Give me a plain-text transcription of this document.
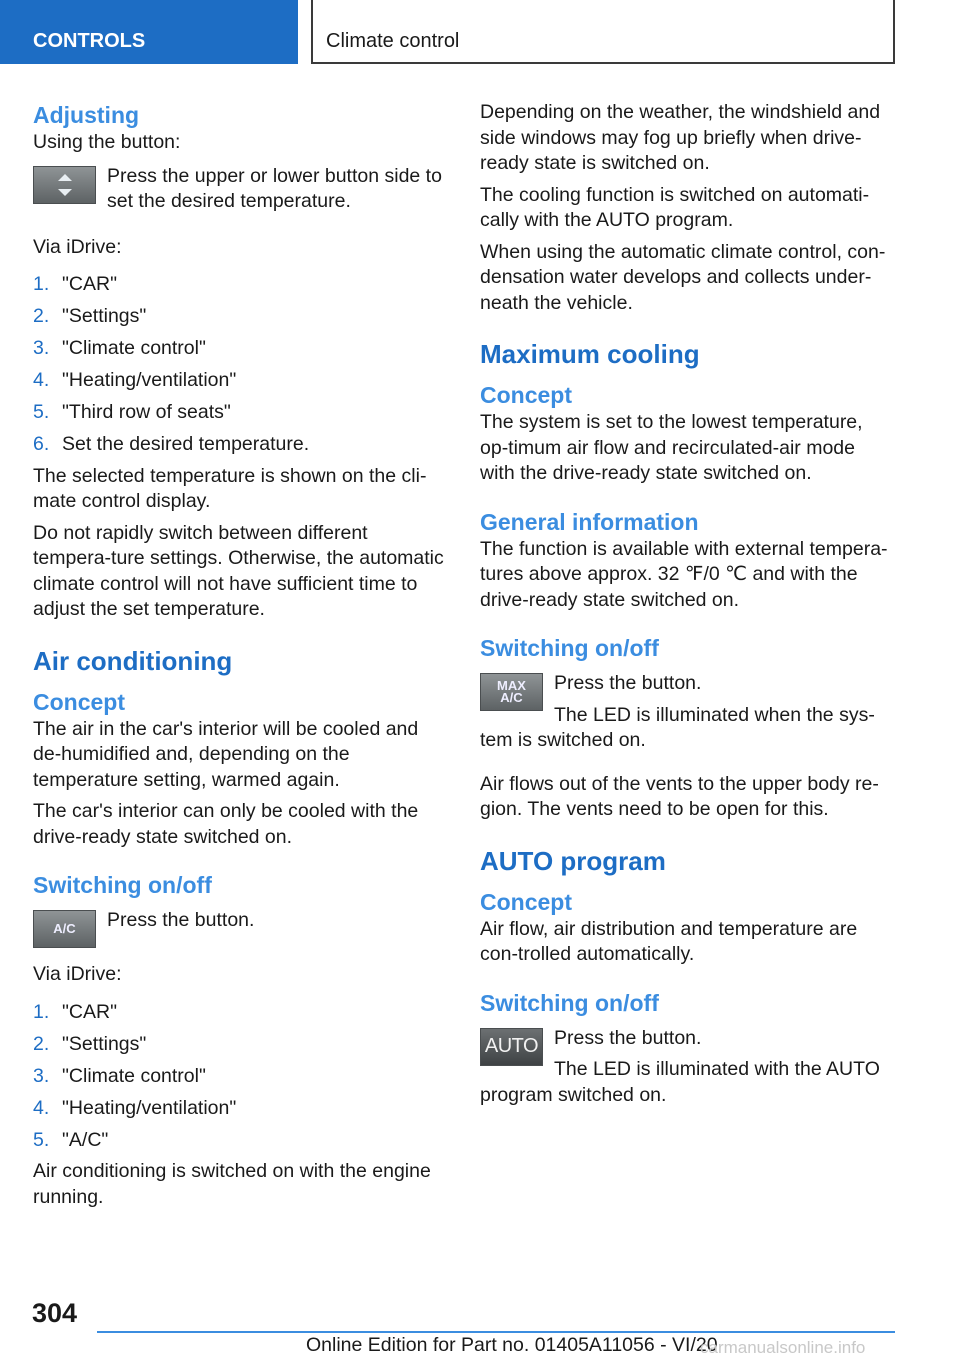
CONTROLS	Climate control
Adjusting

Using the button:

Press the upper or lower button side to set the desired temperature.

Via iDrive:

1. "CAR"
2. "Settings"
3. "Climate control"
4. "Heating/ventilation"
5. "Third row of seats"
6. Set the desired temperature.

The selected temperature is shown on the cli-mate control display.

Do not rapidly switch between different tempera-ture settings. Otherwise, the automatic climate control will not have sufficient time to adjust the set temperature.

Air conditioning
Concept

The air in the car's interior will be cooled and de-humidified and, depending on the temperature setting, warmed again.

The car's interior can only be cooled with the drive-ready state switched on.

Switching on/off
A/C Press the button.

Via iDrive:

1. "CAR"
2. "Settings"
3. "Climate control"
4. "Heating/ventilation"
5. "A/C"

Air conditioning is switched on with the engine running.

Depending on the weather, the windshield and side windows may fog up briefly when drive-ready state is switched on.

The cooling function is switched on automati-cally with the AUTO program.

When using the automatic climate control, con-densation water develops and collects under-neath the vehicle.

Maximum cooling
Concept

The system is set to the lowest temperature, op-timum air flow and recirculated-air mode with the drive-ready state switched on.

General information

The function is available with external tempera-tures above approx. 32 ℉/0 ℃ and with the drive-ready state switched on.

Switching on/off
MAX
A/C

Press the button.

The LED is illuminated when the sys-

tem is switched on.

Air flows out of the vents to the upper body re-gion. The vents need to be open for this.

AUTO program
Concept

Air flow, air distribution and temperature are con-trolled automatically.

Switching on/off
AUTO Press the button.

The LED is illuminated with the AUTO

program switched on.

304
Online Edition for Part no. 01405A11056 - VI/20
carmanualsonline.info
